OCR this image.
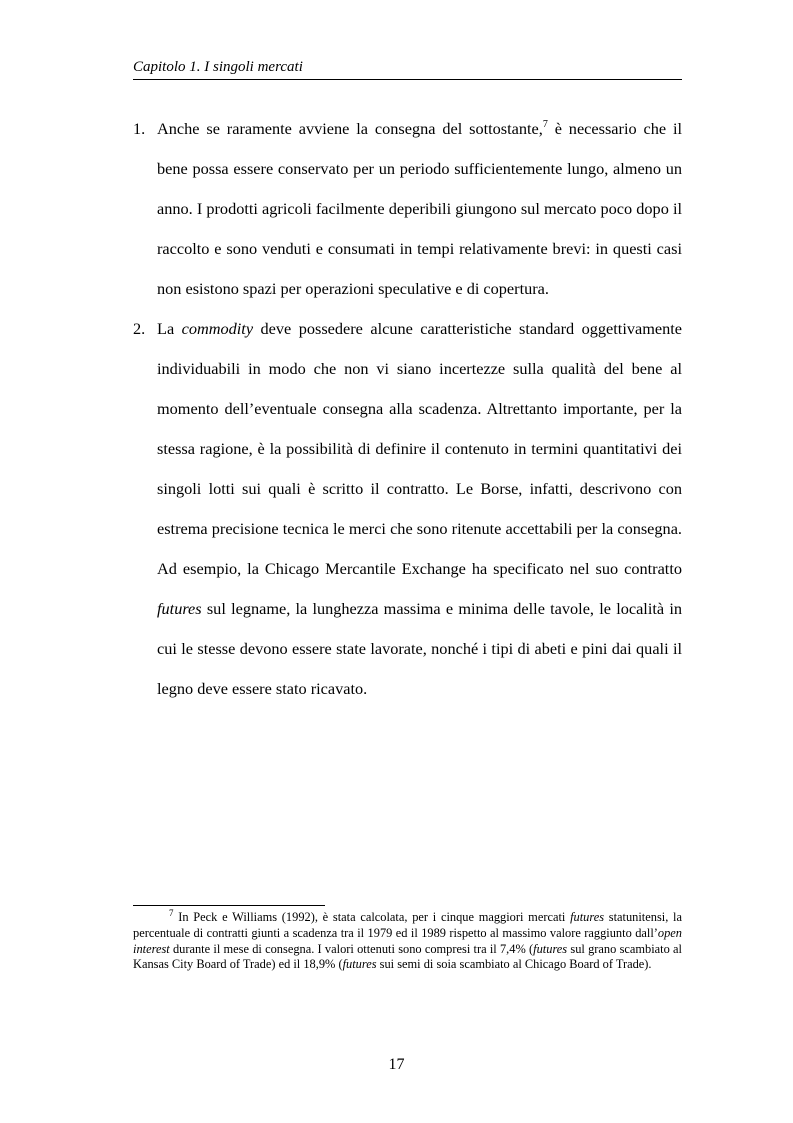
Capitolo 1. I singoli mercati
1. Anche se raramente avviene la consegna del sottostante,$^7$ è necessario che il bene possa essere conservato per un periodo sufficientemente lungo, almeno un anno. I prodotti agricoli facilmente deperibili giungono sul mercato poco dopo il raccolto e sono venduti e consumati in tempi relativamente brevi: in questi casi non esistono spazi per operazioni speculative e di copertura.
2. La commodity deve possedere alcune caratteristiche standard oggettivamente individuabili in modo che non vi siano incertezze sulla qualità del bene al momento dell’eventuale consegna alla scadenza. Altrettanto importante, per la stessa ragione, è la possibilità di definire il contenuto in termini quantitativi dei singoli lotti sui quali è scritto il contratto. Le Borse, infatti, descrivono con estrema precisione tecnica le merci che sono ritenute accettabili per la consegna. Ad esempio, la Chicago Mercantile Exchange ha specificato nel suo contratto futures sul legname, la lunghezza massima e minima delle tavole, le località in cui le stesse devono essere state lavorate, nonché i tipi di abeti e pini dai quali il legno deve essere stato ricavato.

$^7$ In Peck e Williams (1992), è stata calcolata, per i cinque maggiori mercati futures statunitensi, la percentuale di contratti giunti a scadenza tra il 1979 ed il 1989 rispetto al massimo valore raggiunto dall’open interest durante il mese di consegna. I valori ottenuti sono compresi tra il 7,4% (futures sul grano scambiato al Kansas City Board of Trade) ed il 18,9% (futures sui semi di soia scambiato al Chicago Board of Trade).

17
